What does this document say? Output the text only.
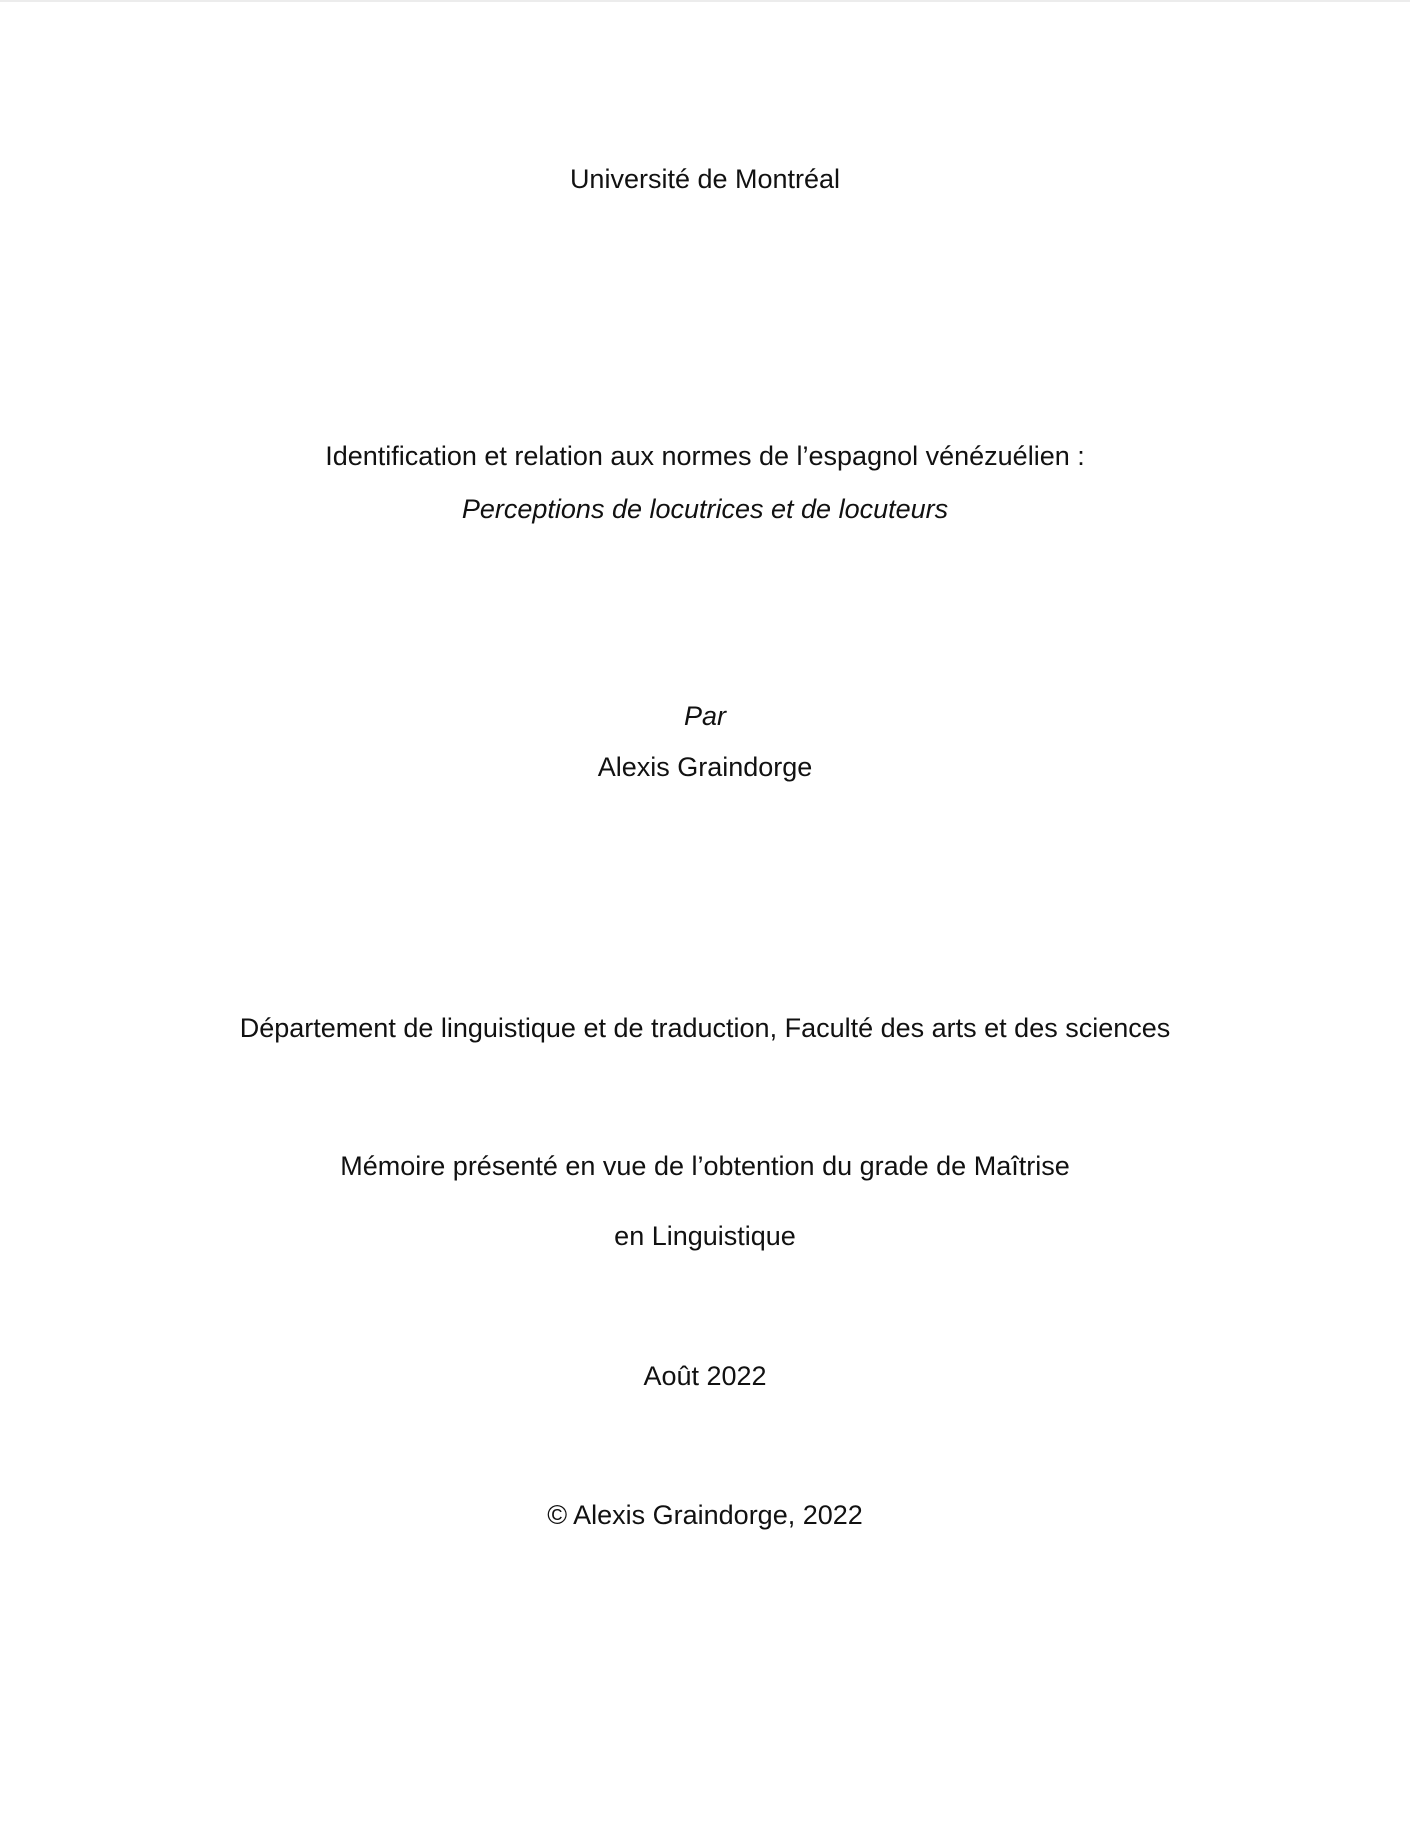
Université de Montréal

Identification et relation aux normes de l’espagnol vénézuélien :

Perceptions de locutrices et de locuteurs

Par

Alexis Graindorge

Département de linguistique et de traduction, Faculté des arts et des sciences

Mémoire présenté en vue de l’obtention du grade de Maîtrise

en Linguistique

Août 2022

© Alexis Graindorge, 2022
